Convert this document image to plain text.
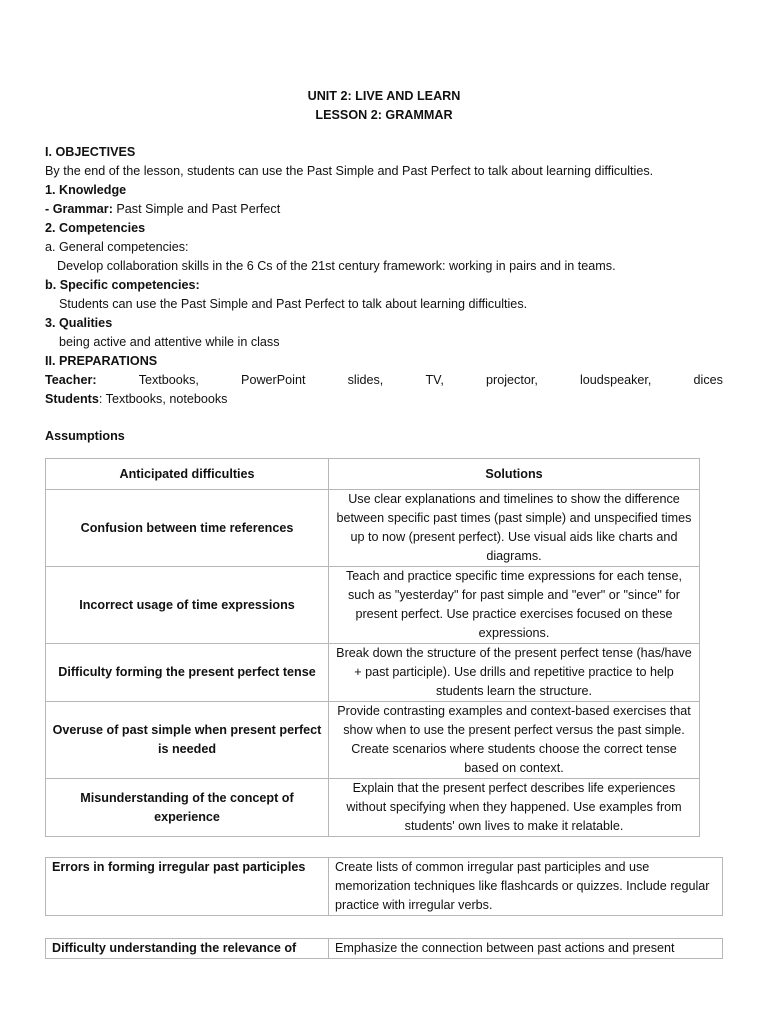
UNIT 2: LIVE AND LEARN
LESSON 2: GRAMMAR
I. OBJECTIVES
By the end of the lesson, students can use the Past Simple and Past Perfect to talk about learning difficulties.
1. Knowledge
- Grammar: Past Simple and Past Perfect
2. Competencies
a. General competencies:
Develop collaboration skills in the 6 Cs of the 21st century framework: working in pairs and in teams.
b. Specific competencies:
Students can use the Past Simple and Past Perfect to talk about learning difficulties.
3. Qualities
being active and attentive while in class
II. PREPARATIONS
Teacher:	Textbooks,	PowerPoint	slides,	TV,	projector,	loudspeaker,	dices
Students: Textbooks, notebooks
Assumptions
Anticipated difficulties	Solutions
Confusion between time references	Use clear explanations and timelines to show the difference between specific past times (past simple) and unspecified times up to now (present perfect). Use visual aids like charts and diagrams.
Incorrect usage of time expressions	Teach and practice specific time expressions for each tense, such as "yesterday" for past simple and "ever" or "since" for present perfect. Use practice exercises focused on these expressions.
Difficulty forming the present perfect tense	Break down the structure of the present perfect tense (has/have + past participle). Use drills and repetitive practice to help students learn the structure.
Overuse of past simple when present perfect is needed	Provide contrasting examples and context-based exercises that show when to use the present perfect versus the past simple. Create scenarios where students choose the correct tense based on context.
Misunderstanding of the concept of experience	Explain that the present perfect describes life experiences without specifying when they happened. Use examples from students' own lives to make it relatable.
Errors in forming irregular past participles	Create lists of common irregular past participles and use memorization techniques like flashcards or quizzes. Include regular practice with irregular verbs.
Difficulty understanding the relevance of	Emphasize the connection between past actions and present
